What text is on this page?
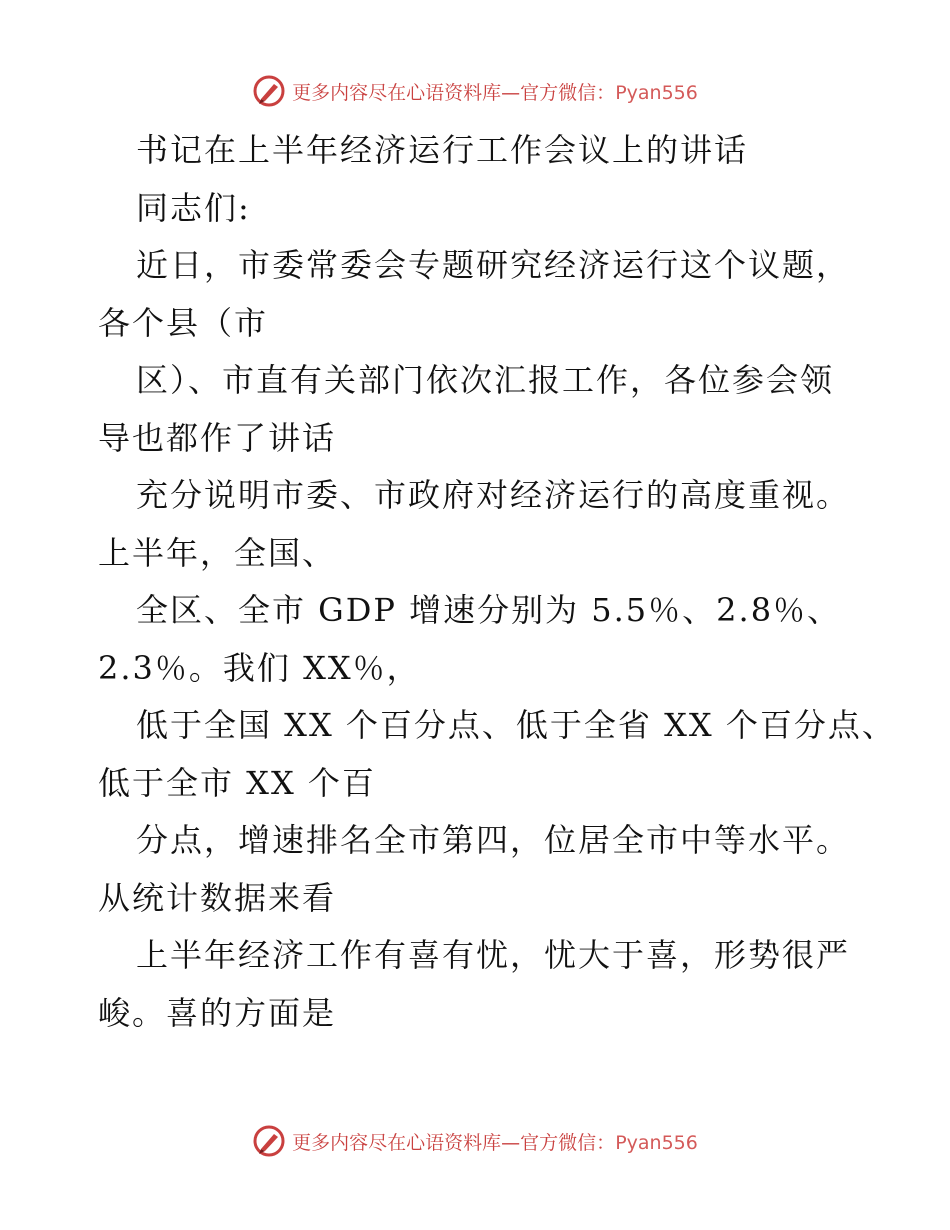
更多内容尽在心语资料库—官方微信：Pyan556
书记在上半年经济运行工作会议上的讲话
同志们:
近日，市委常委会专题研究经济运行这个议题，
各个县（市
区）、市直有关部门依次汇报工作，各位参会领
导也都作了讲话
充分说明市委、市政府对经济运行的高度重视。
上半年，全国、
全区、全市 GDP 增速分别为 5.5％、2.8％、
2.3％。我们 XX％，
低于全国 XX 个百分点、低于全省 XX 个百分点、
低于全市 XX 个百
分点，增速排名全市第四，位居全市中等水平。
从统计数据来看
上半年经济工作有喜有忧，忧大于喜，形势很严
峻。喜的方面是
更多内容尽在心语资料库—官方微信：Pyan556
